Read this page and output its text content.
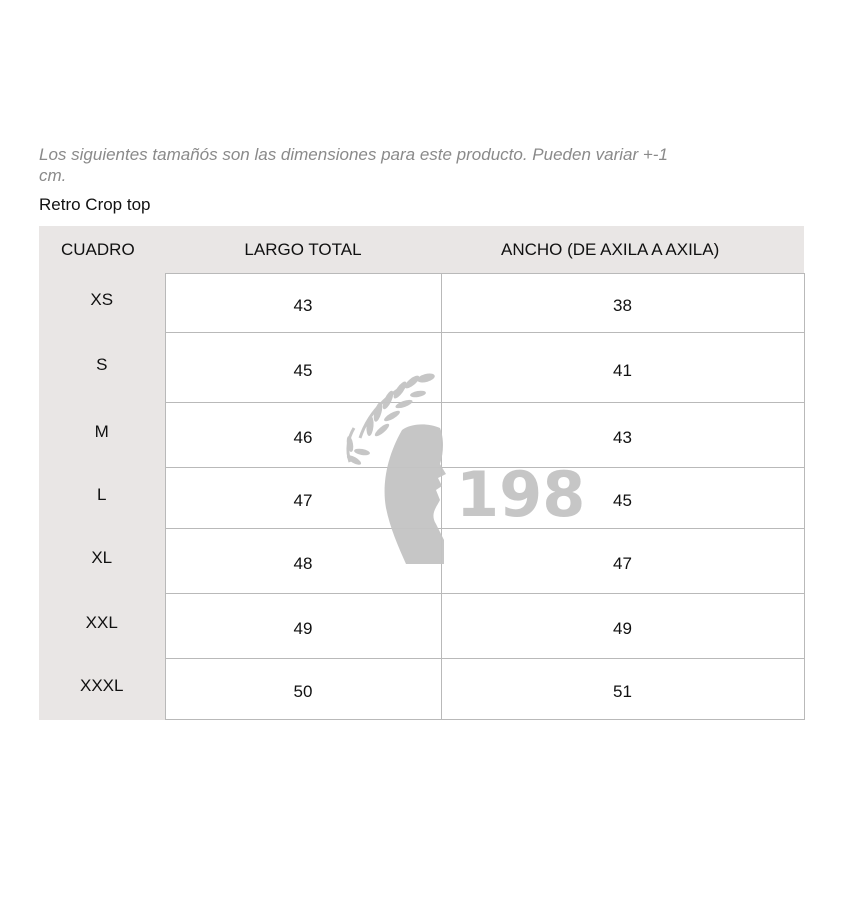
Los siguientes tamañós son las dimensiones para este producto. Pueden variar +-1 cm.
Retro Crop top
CUADRO	LARGO TOTAL	ANCHO (DE AXILA A AXILA)
XS	43	38
S	45	41
M	46	43
L	47	45
XL	48	47
XXL	49	49
XXXL	50	51
198
